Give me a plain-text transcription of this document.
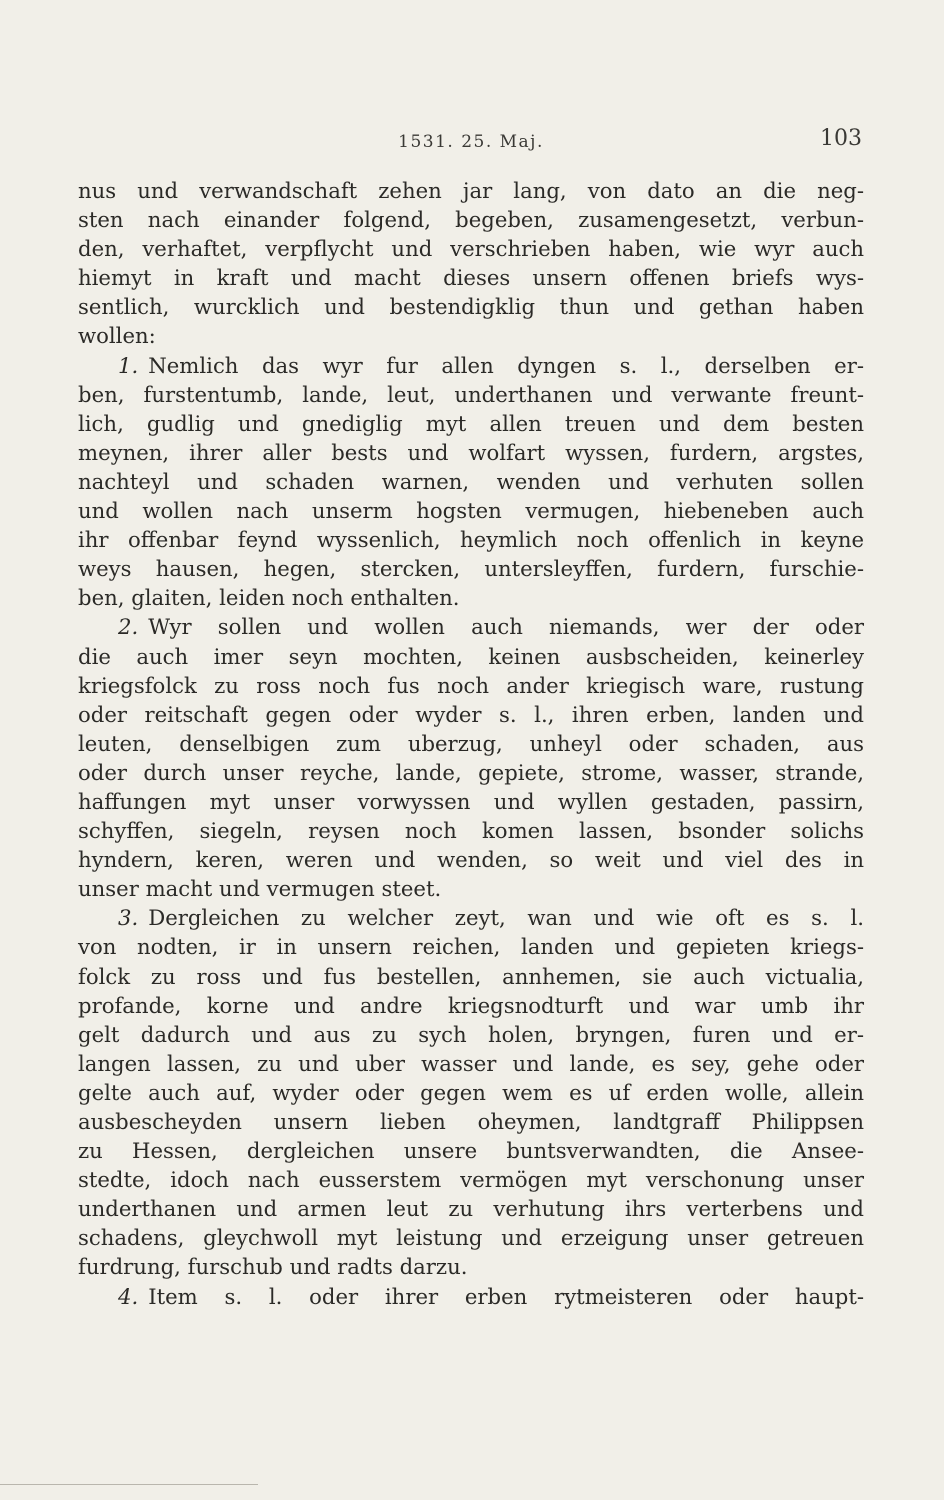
1531. 25. Maj.	103
nus und verwandschaft zehen jar lang, von dato an die neg-
sten nach einander folgend, begeben, zusamengesetzt, verbun-
den, verhaftet, verpflycht und verschrieben haben, wie wyr auch
hiemyt in kraft und macht dieses unsern offenen briefs wys-
sentlich, wurcklich und bestendigklig thun und gethan haben
wollen:
1. Nemlich das wyr fur allen dyngen s. l., derselben er-
ben, furstentumb, lande, leut, underthanen und verwante freunt-
lich, gudlig und gnediglig myt allen treuen und dem besten
meynen, ihrer aller bests und wolfart wyssen, furdern, argstes,
nachteyl und schaden warnen, wenden und verhuten sollen
und wollen nach unserm hogsten vermugen, hiebeneben auch
ihr offenbar feynd wyssenlich, heymlich noch offenlich in keyne
weys hausen, hegen, stercken, untersleyffen, furdern, furschie-
ben, glaiten, leiden noch enthalten.
2. Wyr sollen und wollen auch niemands, wer der oder
die auch imer seyn mochten, keinen ausbscheiden, keinerley
kriegsfolck zu ross noch fus noch ander kriegisch ware, rustung
oder reitschaft gegen oder wyder s. l., ihren erben, landen und
leuten, denselbigen zum uberzug, unheyl oder schaden, aus
oder durch unser reyche, lande, gepiete, strome, wasser, strande,
haffungen myt unser vorwyssen und wyllen gestaden, passirn,
schyffen, siegeln, reysen noch komen lassen, bsonder solichs
hyndern, keren, weren und wenden, so weit und viel des in
unser macht und vermugen steet.
3. Dergleichen zu welcher zeyt, wan und wie oft es s. l.
von nodten, ir in unsern reichen, landen und gepieten kriegs-
folck zu ross und fus bestellen, annhemen, sie auch victualia,
profande, korne und andre kriegsnodturft und war umb ihr
gelt dadurch und aus zu sych holen, bryngen, furen und er-
langen lassen, zu und uber wasser und lande, es sey, gehe oder
gelte auch auf, wyder oder gegen wem es uf erden wolle, allein
ausbescheyden unsern lieben oheymen, landtgraff Philippsen
zu Hessen, dergleichen unsere buntsverwandten, die Ansee-
stedte, idoch nach eusserstem vermögen myt verschonung unser
underthanen und armen leut zu verhutung ihrs verterbens und
schadens, gleychwoll myt leistung und erzeigung unser getreuen
furdrung, furschub und radts darzu.
4. Item s. l. oder ihrer erben rytmeisteren oder haupt-
